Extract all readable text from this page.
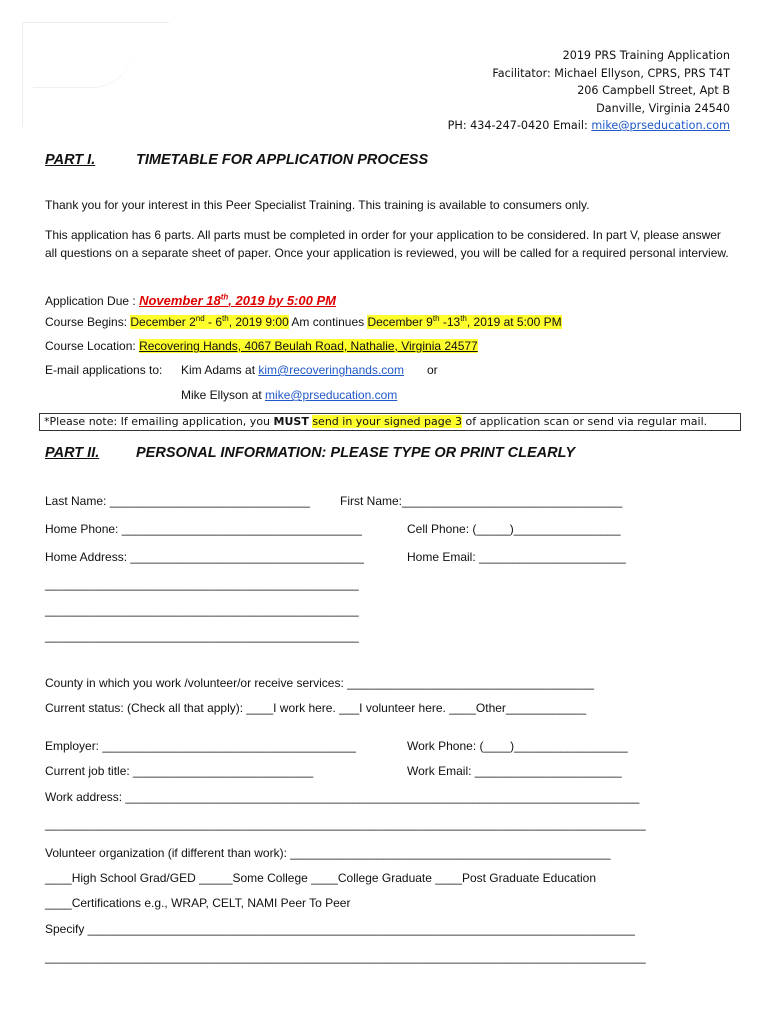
2019 PRS Training Application
Facilitator: Michael Ellyson, CPRS, PRS T4T
206 Campbell Street, Apt B
Danville, Virginia 24540
PH: 434-247-0420 Email: mike@prseducation.com
PART I.	TIMETABLE FOR APPLICATION PROCESS

Thank you for your interest in this Peer Specialist Training. This training is available to consumers only.

This application has 6 parts. All parts must be completed in order for your application to be considered. In part V, please answer all questions on a separate sheet of paper. Once your application is reviewed, you will be called for a required personal interview.

Application Due : November 18th, 2019 by 5:00 PM
Course Begins: December 2nd - 6th, 2019 9:00 Am continues December 9th -13th, 2019 at 5:00 PM
Course Location: Recovering Hands, 4067 Beulah Road, Nathalie, Virginia 24577
E-mail applications to: Kim Adams at kim@recoveringhands.com or
Mike Ellyson at mike@prseducation.com
*Please note: If emailing application, you MUST send in your signed page 3 of application scan or send via regular mail.
PART II.	PERSONAL INFORMATION: PLEASE TYPE OR PRINT CLEARLY
Last Name: ______________________________	First Name:_________________________________
Home Phone: ____________________________________	Cell Phone: (_____)________________
Home Address: ___________________________________	Home Email: ______________________
_______________________________________________
_______________________________________________
_______________________________________________
County in which you work /volunteer/or receive services: _____________________________________
Current status: (Check all that apply): ____I work here. ___I volunteer here. ____Other____________
Employer: ______________________________________	Work Phone: (____)_________________
Current job title: ___________________________	Work Email: ______________________
Work address: _____________________________________________________________________________
__________________________________________________________________________________________
Volunteer organization (if different than work): ________________________________________________
____High School Grad/GED _____Some College ____College Graduate ____Post Graduate Education
____Certifications e.g., WRAP, CELT, NAMI Peer To Peer
Specify __________________________________________________________________________________
__________________________________________________________________________________________
